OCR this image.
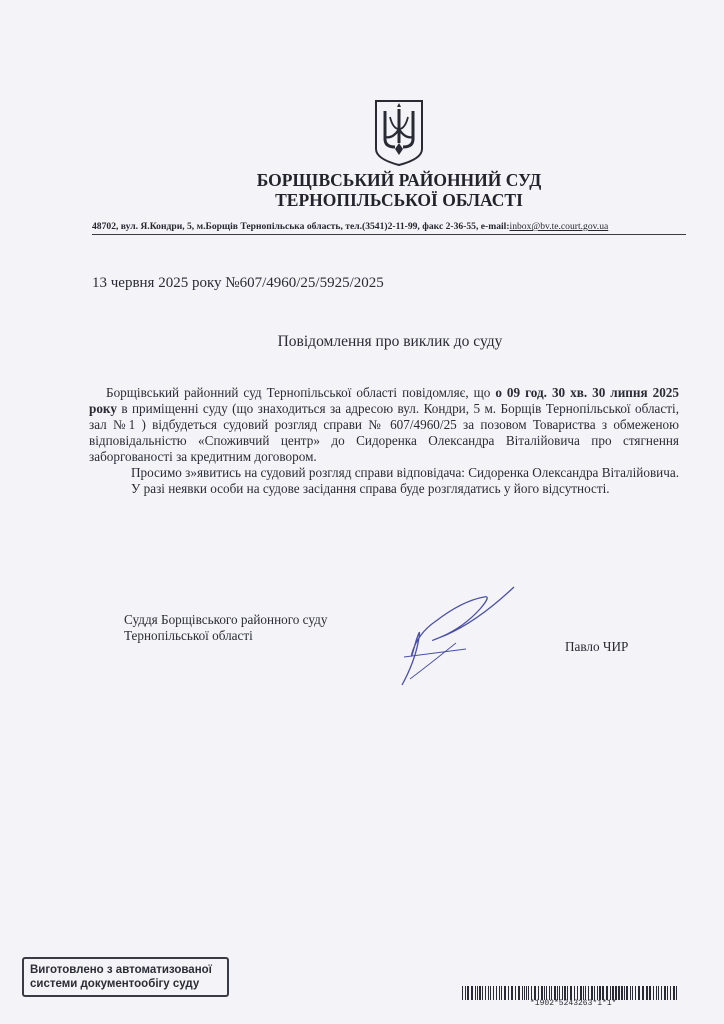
БОРЩІВСЬКИЙ РАЙОННИЙ СУД
ТЕРНОПІЛЬСЬКОЇ ОБЛАСТІ
48702, вул. Я.Кондри, 5, м.Борщів Тернопільська область, тел.(3541)2-11-99, факс 2-36-55, e-mail:inbox@bv.te.court.gov.ua
13 червня 2025 року №607/4960/25/5925/2025
Повідомлення про виклик до суду

Борщівський районний суд Тернопільської області повідомляє, що о 09 год. 30 хв. 30 липня 2025 року в приміщенні суду (що знаходиться за адресою вул. Кондри, 5 м. Борщів Тернопільської області, зал №1 ) відбудеться судовий розгляд справи № 607/4960/25 за позовом Товариства з обмеженою відповідальністю «Споживчий центр» до Сидоренка Олександра Віталійовича про стягнення заборгованості за кредитним договором.

Просимо з»явитись на судовий розгляд справи відповідача: Сидоренка Олександра Віталійовича.

У разі неявки особи на судове засідання справа буде розглядатись у його відсутності.

Суддя Борщівського районного суду
Тернопільської області
Павло ЧИР
Виготовлено з автоматизованої
системи документообігу суду
*1902*5243263*1*1*
